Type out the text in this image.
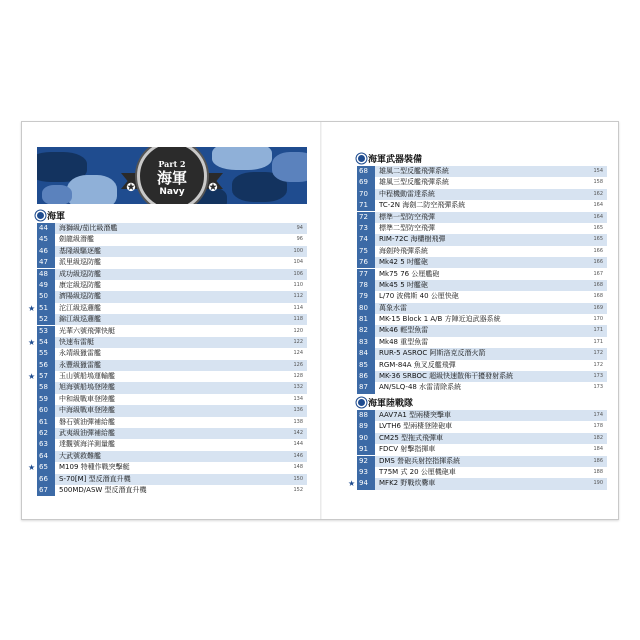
✪	✪
Part 2
海軍
Navy
海軍
44	海獅級/茄比級潛艦	94
45	劍龍級潛艦	96
46	基隆級驅逐艦	100
47	派里級巡防艦	104
48	成功級巡防艦	106
49	康定級巡防艦	110
50	濟陽級巡防艦	112
★ 51	沱江級巡邏艦	114
52	錦江級巡邏艦	118
53	光華六號飛彈快艇	120
★ 54	快速布雷艇	122
55	永靖級獵雷艦	124
56	永豐級獵雷艦	126
★ 57	玉山號船塢運輸艦	128
58	旭海號船塢登陸艦	132
59	中和級戰車登陸艦	134
60	中海級戰車登陸艦	136
61	磐石號油彈補給艦	138
62	武夷級油彈補給艦	142
63	達觀號海洋測量艦	144
64	大武號救難艦	146
★ 65	M109 特種作戰突擊艇	148
66	S-70[M] 型反潛直升機	150
67	500MD/ASW 型反潛直升機	152
海軍武器裝備
68	雄風二型反艦飛彈系統	154
69	雄風三型反艦飛彈系統	158
70	中程機動雷達系統	162
71	TC-2N 海劍二防空飛彈系統	164
72	標準一型防空飛彈	164
73	標準二型防空飛彈	165
74	RIM-72C 海欉樹飛彈	165
75	海劍羚飛彈系統	166
76	Mk42 5 吋艦砲	166
77	Mk75 76 公厘艦砲	167
78	Mk45 5 吋艦砲	168
79	L/70 波佛斯 40 公厘快砲	168
80	萬象水雷	169
81	MK-15 Block 1 A/B 方陣近迫武器系統	170
82	Mk46 輕型魚雷	171
83	Mk48 重型魚雷	171
84	RUR-5 ASROC 阿斯洛克反潛火箭	172
85	RGM-84A 魚叉反艦飛彈	172
86	MK-36 SRBOC 超級快速散佈干擾發射系統	173
87	AN/SLQ-48 水雷清除系統	173
海軍陸戰隊
88	AAV7A1 型兩棲突擊車	174
89	LVTH6 型兩棲登陸砲車	178
90	CM25 型拖式飛彈車	182
91	FDCV 射擊指揮車	184
92	DMS 營砲兵射控指揮系統	186
93	T75M 式 20 公厘機砲車	188
★ 94	MFK2 野戰炊爨車	190
